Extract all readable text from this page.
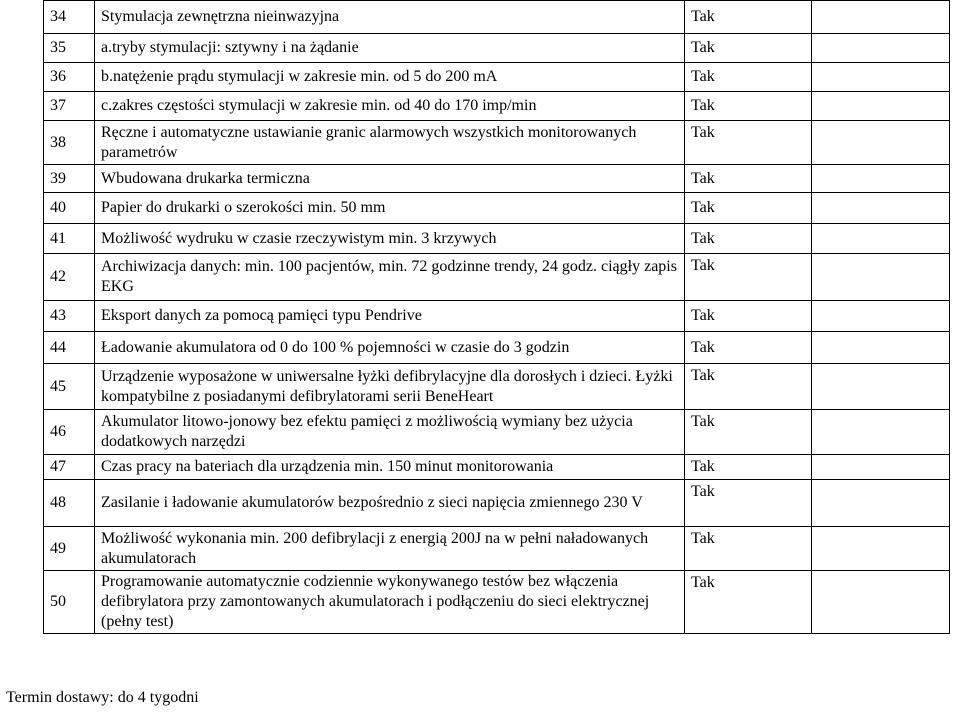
34	Stymulacja zewnętrzna nieinwazyjna	Tak	
35	a.tryby stymulacji: sztywny i na żądanie	Tak	
36	b.natężenie prądu stymulacji w zakresie min. od 5 do 200 mA	Tak	
37	c.zakres częstości stymulacji w zakresie min. od 40 do 170 imp/min	Tak	
38	Ręczne i automatyczne ustawianie granic alarmowych wszystkich monitorowanych parametrów	Tak	
39	Wbudowana drukarka termiczna	Tak	
40	Papier do drukarki o szerokości min. 50 mm	Tak	
41	Możliwość wydruku w czasie rzeczywistym min. 3 krzywych	Tak	
42	Archiwizacja danych: min. 100 pacjentów, min. 72 godzinne trendy, 24 godz. ciągły zapis EKG	Tak	
43	Eksport danych za pomocą pamięci typu Pendrive	Tak	
44	Ładowanie akumulatora od 0 do 100 % pojemności w czasie do 3 godzin	Tak	
45	Urządzenie wyposażone w uniwersalne łyżki defibrylacyjne dla dorosłych i dzieci. Łyżki kompatybilne z posiadanymi defibrylatorami serii BeneHeart	Tak	
46	Akumulator litowo-jonowy bez efektu pamięci z możliwością wymiany bez użycia dodatkowych narzędzi	Tak	
47	Czas pracy na bateriach dla urządzenia min. 150 minut monitorowania	Tak	
48	Zasilanie i ładowanie akumulatorów bezpośrednio z sieci napięcia zmiennego 230 V	Tak	
49	Możliwość wykonania min. 200 defibrylacji z energią 200J na w pełni naładowanych akumulatorach	Tak	
50	Programowanie automatycznie codziennie wykonywanego testów bez włączenia defibrylatora przy zamontowanych akumulatorach i podłączeniu do sieci elektrycznej (pełny test)	Tak	
Termin dostawy: do 4 tygodni
